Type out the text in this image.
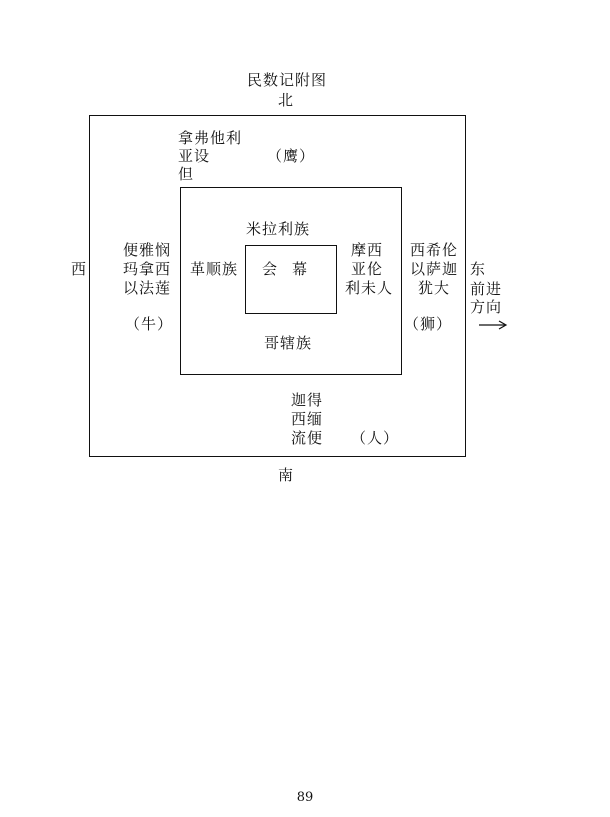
民数记附图
北
南
西	东
前进
方向
拿弗他利
亚设
但
（鹰）
便雅悯
玛拿西
以法莲
（牛）
西希伦
以萨迦
犹大
（狮）
迦得
西缅
流便 （人）
米拉利族
革顺族
摩西
亚伦
利未人
哥辖族
会 幕
89
